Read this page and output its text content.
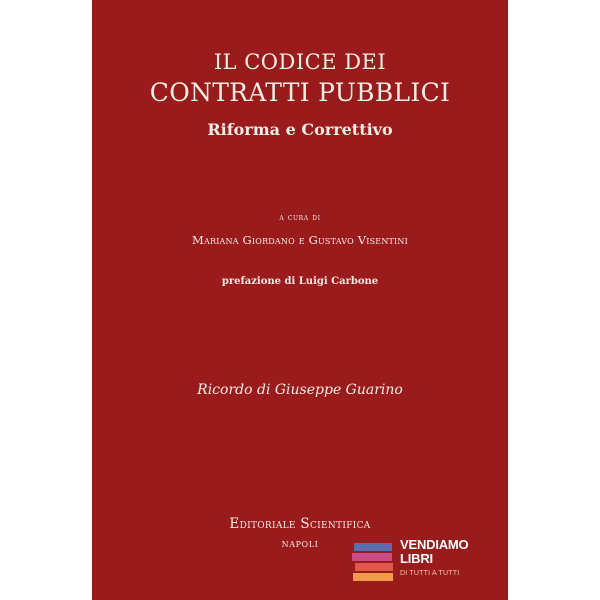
IL CODICE DEI
CONTRATTI PUBBLICI
Riforma e Correttivo
a cura di
Mariana Giordano e Gustavo Visentini
prefazione di Luigi Carbone
Ricordo di Giuseppe Guarino
Editoriale Scientifica
NAPOLI	VENDIAMO
LIBRI
DI TUTTI A TUTTI
